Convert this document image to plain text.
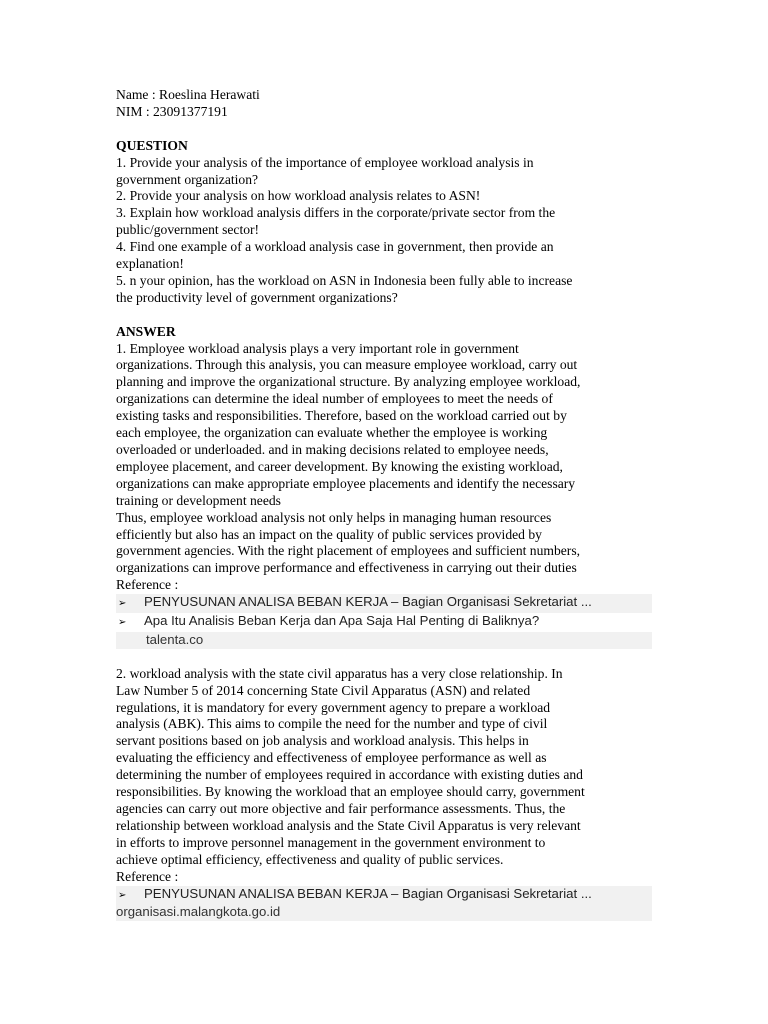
Name : Roeslina Herawati
NIM : 23091377191
QUESTION
1. Provide your analysis of the importance of employee workload analysis in
government organization?
2. Provide your analysis on how workload analysis relates to ASN!
3. Explain how workload analysis differs in the corporate/private sector from the
public/government sector!
4. Find one example of a workload analysis case in government, then provide an
explanation!
5. n your opinion, has the workload on ASN in Indonesia been fully able to increase
the productivity level of government organizations?
ANSWER
1. Employee workload analysis plays a very important role in government
organizations. Through this analysis, you can measure employee workload, carry out
planning and improve the organizational structure. By analyzing employee workload,
organizations can determine the ideal number of employees to meet the needs of
existing tasks and responsibilities. Therefore, based on the workload carried out by
each employee, the organization can evaluate whether the employee is working
overloaded or underloaded. and in making decisions related to employee needs,
employee placement, and career development. By knowing the existing workload,
organizations can make appropriate employee placements and identify the necessary
training or development needs
Thus, employee workload analysis not only helps in managing human resources
efficiently but also has an impact on the quality of public services provided by
government agencies. With the right placement of employees and sufficient numbers,
organizations can improve performance and effectiveness in carrying out their duties
Reference :
➢	PENYUSUNAN ANALISA BEBAN KERJA – Bagian Organisasi Sekretariat ...
➢	Apa Itu Analisis Beban Kerja dan Apa Saja Hal Penting di Baliknya?
talenta.co
2. workload analysis with the state civil apparatus has a very close relationship. In
Law Number 5 of 2014 concerning State Civil Apparatus (ASN) and related
regulations, it is mandatory for every government agency to prepare a workload
analysis (ABK). This aims to compile the need for the number and type of civil
servant positions based on job analysis and workload analysis. This helps in
evaluating the efficiency and effectiveness of employee performance as well as
determining the number of employees required in accordance with existing duties and
responsibilities. By knowing the workload that an employee should carry, government
agencies can carry out more objective and fair performance assessments. Thus, the
relationship between workload analysis and the State Civil Apparatus is very relevant
in efforts to improve personnel management in the government environment to
achieve optimal efficiency, effectiveness and quality of public services.
Reference :
➢	PENYUSUNAN ANALISA BEBAN KERJA – Bagian Organisasi Sekretariat ...
organisasi.malangkota.go.id
